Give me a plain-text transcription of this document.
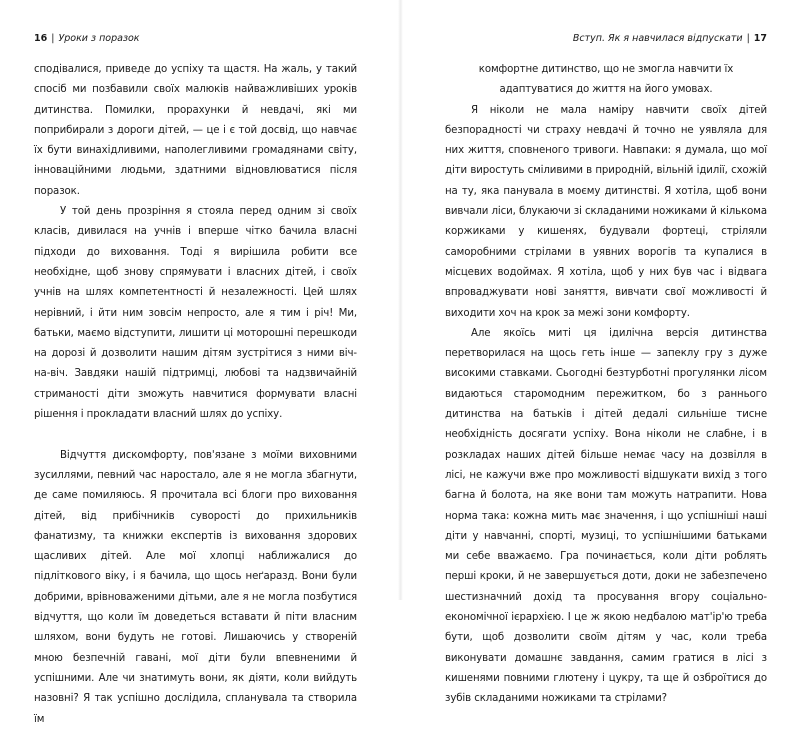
16 | Уроки з поразок

сподівалися, приведе до успіху та щастя. На жаль, у такий спосіб ми позбавили своїх малюків найважливіших уроків дитинства. Помилки, прорахунки й невдачі, які ми поприбирали з дороги дітей, — це і є той досвід, що навчає їх бути винахідливими, наполегливими громадянами світу, інноваційними людьми, здатними відновлюватися після поразок.

У той день прозріння я стояла перед одним зі своїх класів, дивилася на учнів і вперше чітко бачила власні підходи до виховання. Тоді я вирішила робити все необхідне, щоб знову спрямувати і власних дітей, і своїх учнів на шлях компетентності й незалежності. Цей шлях нерівний, і йти ним зовсім непросто, але я тим і річ! Ми, батьки, маємо відступити, лишити ці моторошні перешкоди на дорозі й дозволити нашим дітям зустрітися з ними віч-на-віч. Завдяки нашій підтримці, любові та надзвичайній стриманості діти зможуть навчитися формувати власні рішення і прокладати власний шлях до успіху.

Відчуття дискомфорту, пов'язане з моїми виховними зусиллями, певний час наростало, але я не могла збагнути, де саме помиляюсь. Я прочитала всі блоги про виховання дітей, від прибічників суворості до прихильників фанатизму, та книжки експертів із виховання здорових щасливих дітей. Але мої хлопці наближалися до підліткового віку, і я бачила, що щось неґаразд. Вони були добрими, врівноваженими дітьми, але я не могла позбутися відчуття, що коли їм доведеться вставати й піти власним шляхом, вони будуть не готові. Лишаючись у створеній мною безпечній гавані, мої діти були впевненими й успішними. Але чи знатимуть вони, як діяти, коли вийдуть назовні? Я так успішно дослідила, спланувала та створила їм

Вступ. Як я навчилася відпускати | 17

комфортне дитинство, що не змогла навчити їх адаптуватися до життя на його умовах.

Я ніколи не мала наміру навчити своїх дітей безпорадності чи страху невдачі й точно не уявляла для них життя, сповненого тривоги. Навпаки: я думала, що мої діти виростуть сміливими в природній, вільній ідилії, схожій на ту, яка панувала в моєму дитинстві. Я хотіла, щоб вони вивчали ліси, блукаючи зі складаними ножиками й кількома коржиками у кишенях, будували фортеці, стріляли саморобними стрілами в уявних ворогів та купалися в місцевих водоймах. Я хотіла, щоб у них був час і відвага впроваджувати нові заняття, вивчати свої можливості й виходити хоч на крок за межі зони комфорту.

Але якоїсь миті ця ідилічна версія дитинства перетворилася на щось геть інше — запеклу гру з дуже високими ставками. Сьогодні безтурботні прогулянки лісом видаються старомодним пережитком, бо з раннього дитинства на батьків і дітей дедалі сильніше тисне необхідність досягати успіху. Вона ніколи не слабне, і в розкладах наших дітей більше немає часу на дозвілля в лісі, не кажучи вже про можливості відшукати вихід з того багна й болота, на яке вони там можуть натрапити. Нова норма така: кожна мить має значення, і що успішніші наші діти у навчанні, спорті, музиці, то успішнішими батьками ми себе вважаємо. Гра починається, коли діти роблять перші кроки, й не завершується доти, доки не забезпечено шестизначний дохід та просування вгору соціально-економічної ієрархією. І це ж якою недбалою мат'ір'ю треба бути, щоб дозволити своїм дітям у час, коли треба виконувати домашнє завдання, самим гратися в лісі з кишенями повними глютену і цукру, та ще й озброїтися до зубів складаними ножиками та стрілами?
